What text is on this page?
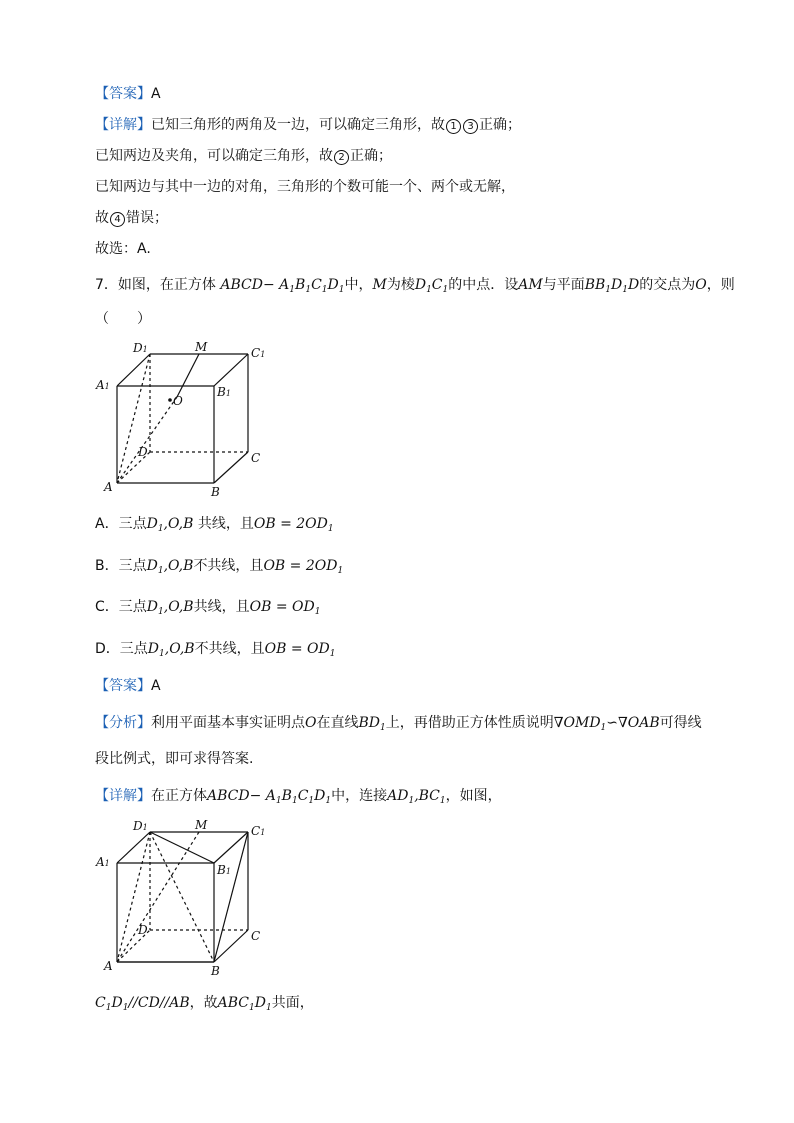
【答案】A
【详解】已知三角形的两角及一边，可以确定三角形，故 1 3 正确；
已知两边及夹角，可以确定三角形，故 2 正确；
已知两边与其中一边的对角，三角形的个数可能一个、两个或无解，
故 4 错误；
故选：A.
7．如图，在正方体 ABCD− $A_1B_1C_1D_1$中，M为棱$D_1C_1$的中点．设AM与平面$BB_1D_1D$的交点为O，则
（　　）
D1	M	C1
A1	B1
O
D	C
A	B
A．三点$D_1,O,B$ 共线，且OB = $2OD_1$
B．三点$D_1,O,B$不共线，且OB = $2OD_1$
C．三点$D_1,O,B$共线，且OB = $OD_1$
D．三点$D_1,O,B$不共线，且OB = $OD_1$
【答案】A
【分析】利用平面基本事实证明点O在直线$BD_1$上，再借助正方体性质说明$\nabla OMD_1∽\nabla OAB$可得线
段比例式，即可求得答案.
【详解】在正方体ABCD− $A_1B_1C_1D_1$中，连接$AD_1,BC_1$，如图，
D1	M	C1
A1	B1
D	C
A	B
$C_1D_1//CD//AB$，故$ABC_1D_1$共面，
